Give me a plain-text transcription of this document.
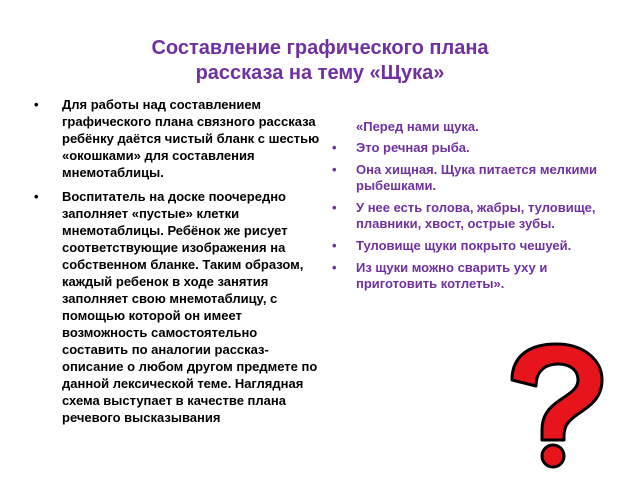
Составление графического плана
рассказа на тему «Щука»
• Для работы над составлением графического плана связного рассказа ребёнку даётся чистый бланк с шестью «окошками» для составления мнемотаблицы.
• Воспитатель на доске поочередно заполняет «пустые» клетки мнемотаблицы. Ребёнок же рисует соответствующие изображения на собственном бланке. Таким образом, каждый ребенок в ходе занятия заполняет свою мнемотаблицу, с помощью которой он имеет возможность самостоятельно составить по аналогии рассказ-описание о любом другом предмете по данной лексической теме. Наглядная схема выступает в качестве плана речевого высказывания
«Перед нами щука.
• Это речная рыба.
• Она хищная. Щука питается мелкими рыбешками.
• У нее есть голова, жабры, туловище, плавники, хвост, острые зубы.
• Туловище щуки покрыто чешуей.
• Из щуки можно сварить уху и приготовить котлеты».
